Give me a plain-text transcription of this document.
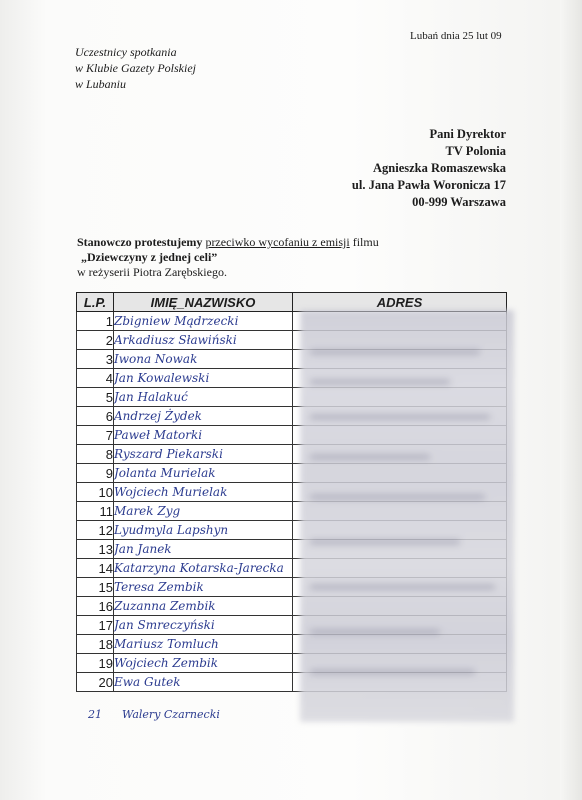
Lubań dnia 25 lut 09
Uczestnicy spotkania
w Klubie Gazety Polskiej
w Lubaniu
Pani Dyrektor
TV Polonia
Agnieszka Romaszewska
ul. Jana Pawła Woronicza 17
00-999 Warszawa
Stanowczo protestujemy przeciwko wycofaniu z emisji filmu
„Dziewczyny z jednej celi”
w reżyserii Piotra Zarębskiego.
L.P.	IMIĘ_NAZWISKO	ADRES
1	Zbigniew Mądrzecki	
2	Arkadiusz Sławiński	
3	Iwona Nowak	
4	Jan Kowalewski	
5	Jan Halakuć	
6	Andrzej Żydek	
7	Paweł Matorki	
8	Ryszard Piekarski	
9	Jolanta Murielak	
10	Wojciech Murielak	
11	Marek Zyg	
12	Lyudmyla Lapshyn	
13	Jan Janek	
14	Katarzyna Kotarska-Jarecka	
15	Teresa Zembik	
16	Zuzanna Zembik	
17	Jan Smreczyński	
18	Mariusz Tomluch	
19	Wojciech Zembik	
20	Ewa Gutek	
21 Walery Czarnecki
